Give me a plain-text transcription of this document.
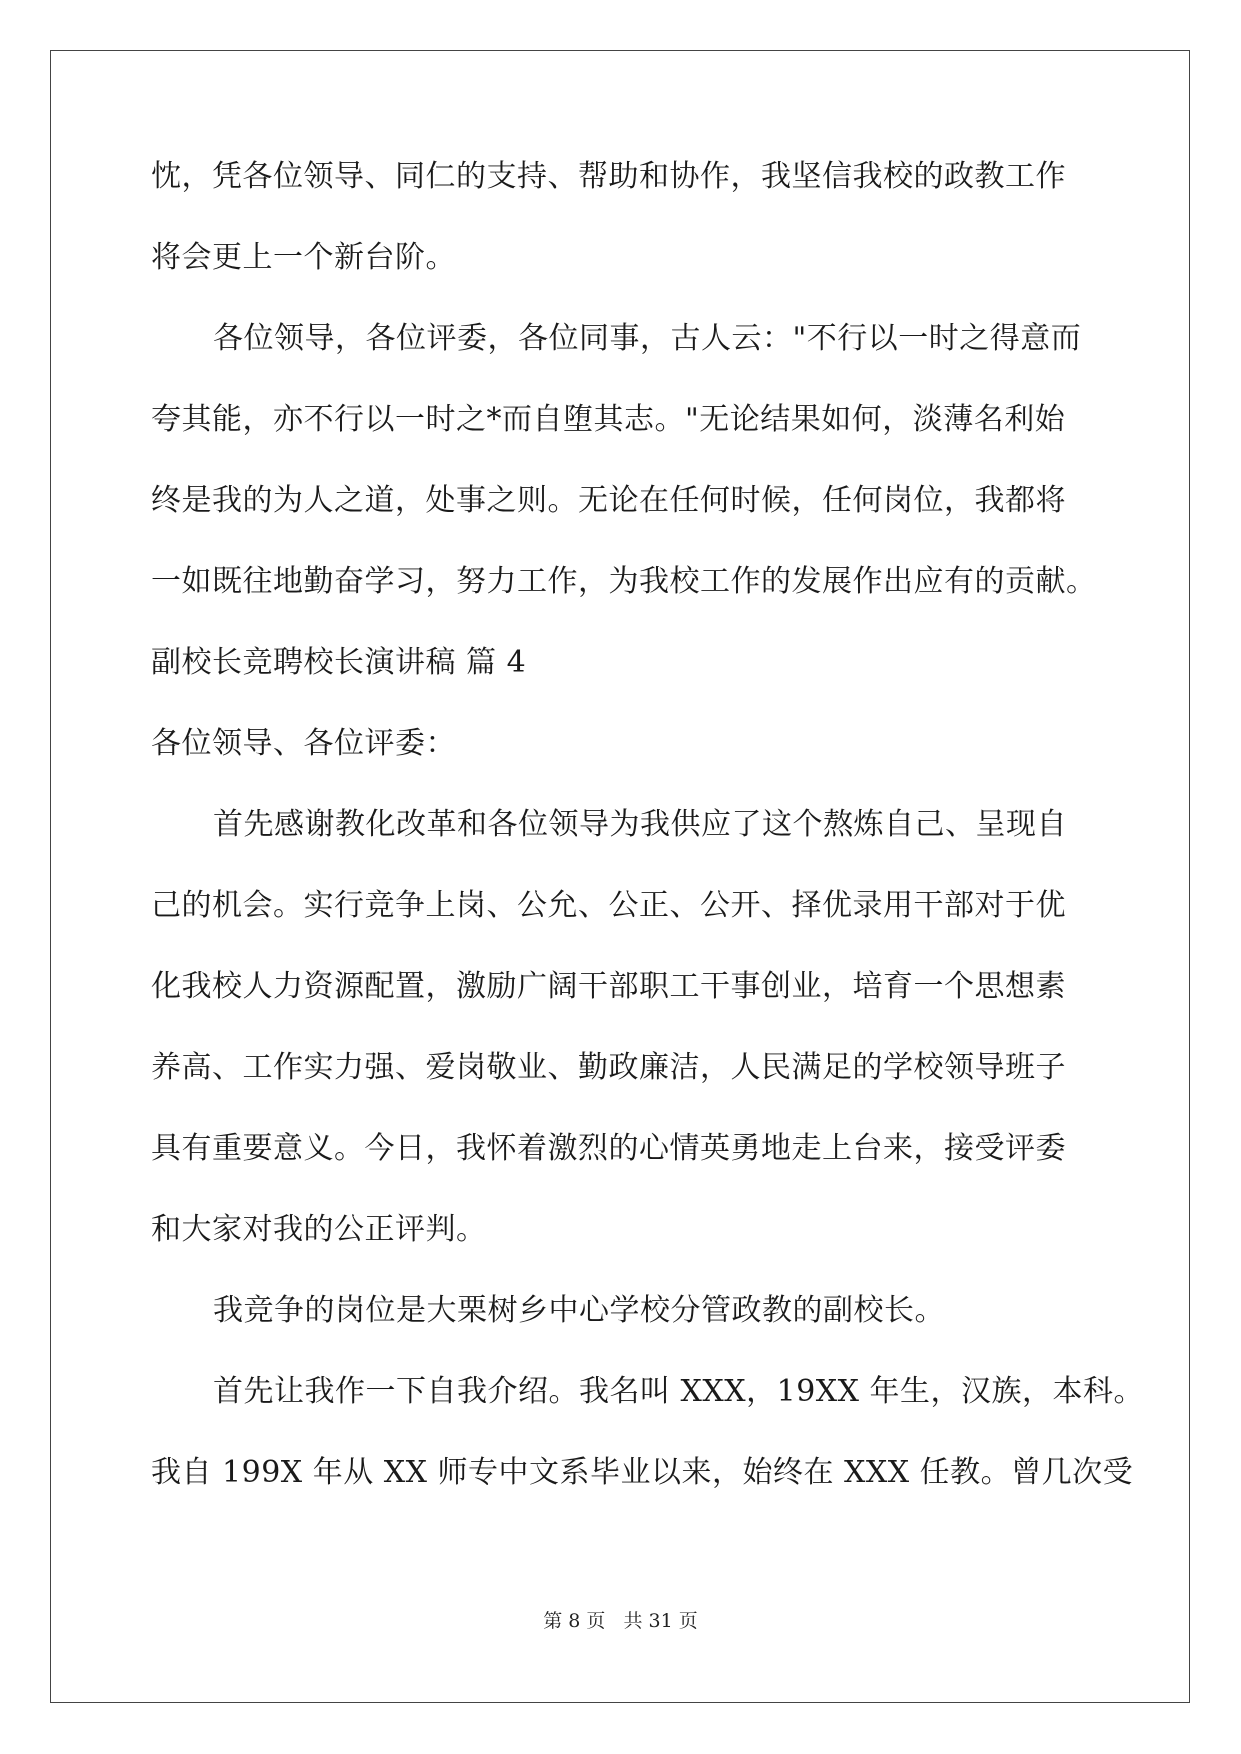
忱，凭各位领导、同仁的支持、帮助和协作，我坚信我校的政教工作
将会更上一个新台阶。
各位领导，各位评委，各位同事，古人云："不行以一时之得意而
夸其能，亦不行以一时之*而自堕其志。"无论结果如何，淡薄名利始
终是我的为人之道，处事之则。无论在任何时候，任何岗位，我都将
一如既往地勤奋学习，努力工作，为我校工作的发展作出应有的贡献。
副校长竞聘校长演讲稿 篇 4
各位领导、各位评委：
首先感谢教化改革和各位领导为我供应了这个熬炼自己、呈现自
己的机会。实行竞争上岗、公允、公正、公开、择优录用干部对于优
化我校人力资源配置，激励广阔干部职工干事创业，培育一个思想素
养高、工作实力强、爱岗敬业、勤政廉洁，人民满足的学校领导班子
具有重要意义。今日，我怀着激烈的心情英勇地走上台来，接受评委
和大家对我的公正评判。
我竞争的岗位是大栗树乡中心学校分管政教的副校长。
首先让我作一下自我介绍。我名叫 XXX，19XX 年生，汉族，本科。
我自 199X 年从 XX 师专中文系毕业以来，始终在 XXX 任教。曾几次受
第 8 页 共 31 页
